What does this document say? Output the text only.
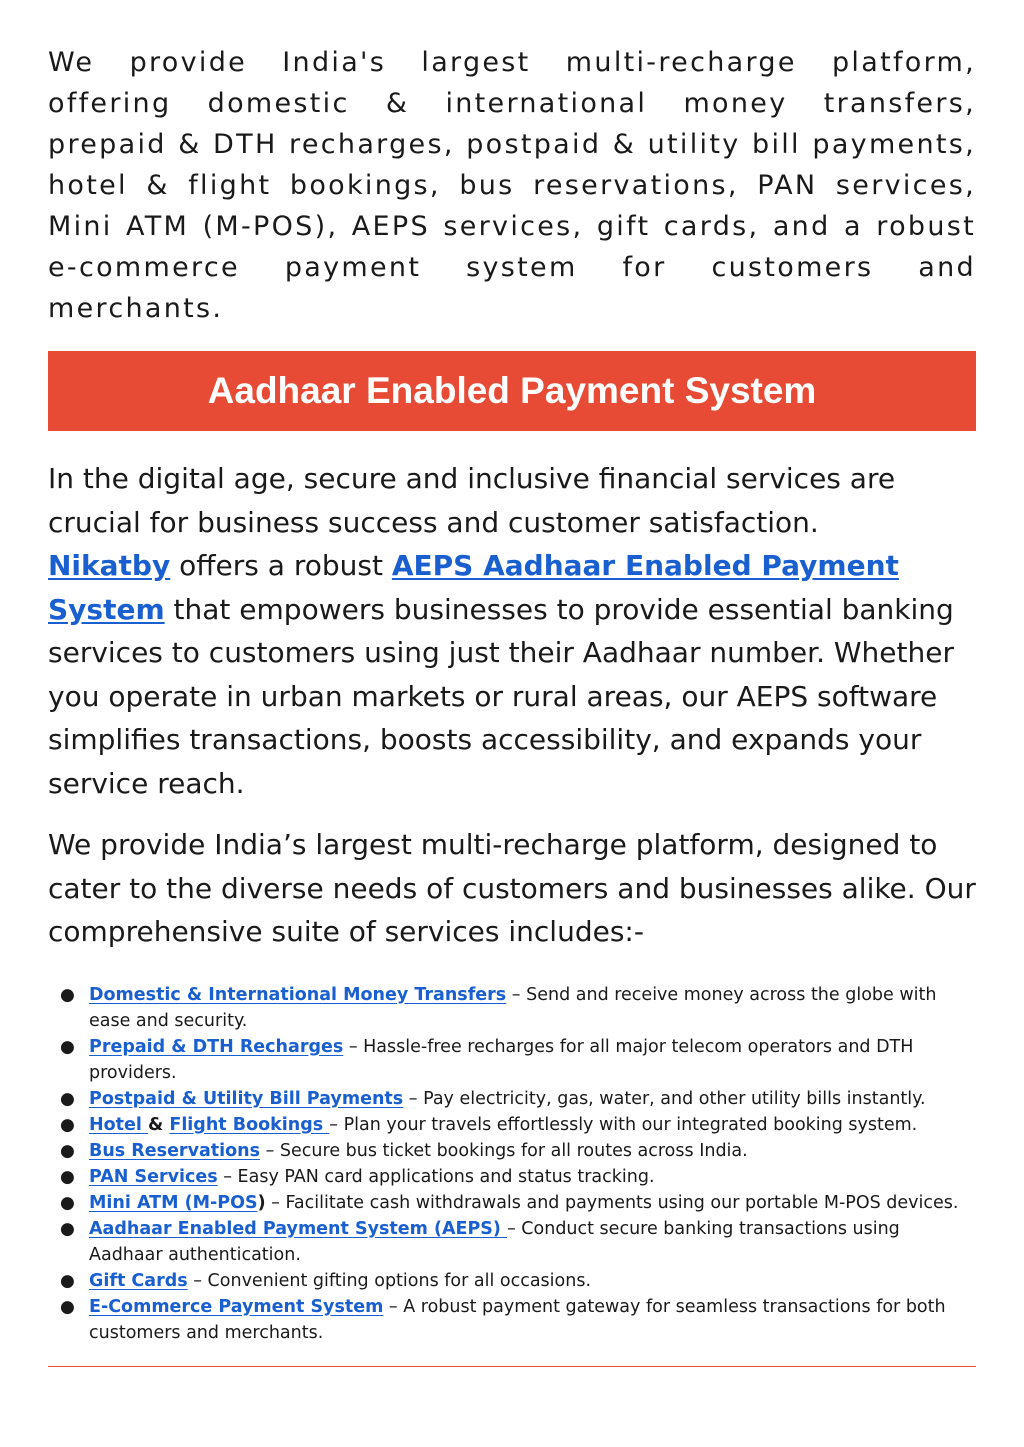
We provide India's largest multi-recharge platform, offering domestic & international money transfers, prepaid & DTH recharges, postpaid & utility bill payments, hotel & flight bookings, bus reservations, PAN services, Mini ATM (M-POS), AEPS services, gift cards, and a robust e-commerce payment system for customers and merchants.

Aadhaar Enabled Payment System

In the digital age, secure and inclusive financial services are crucial for business success and customer satisfaction.
Nikatby offers a robust AEPS Aadhaar Enabled Payment System that empowers businesses to provide essential banking services to customers using just their Aadhaar number. Whether you operate in urban markets or rural areas, our AEPS software simplifies transactions, boosts accessibility, and expands your service reach.

We provide India’s largest multi-recharge platform, designed to cater to the diverse needs of customers and businesses alike. Our comprehensive suite of services includes:-

● Domestic & International Money Transfers – Send and receive money across the globe with ease and security.
● Prepaid & DTH Recharges – Hassle-free recharges for all major telecom operators and DTH providers.
● Postpaid & Utility Bill Payments – Pay electricity, gas, water, and other utility bills instantly.
● Hotel & Flight Bookings – Plan your travels effortlessly with our integrated booking system.
● Bus Reservations – Secure bus ticket bookings for all routes across India.
● PAN Services – Easy PAN card applications and status tracking.
● Mini ATM (M-POS) – Facilitate cash withdrawals and payments using our portable M-POS devices.
● Aadhaar Enabled Payment System (AEPS) – Conduct secure banking transactions using Aadhaar authentication.
● Gift Cards – Convenient gifting options for all occasions.
● E-Commerce Payment System – A robust payment gateway for seamless transactions for both customers and merchants.
